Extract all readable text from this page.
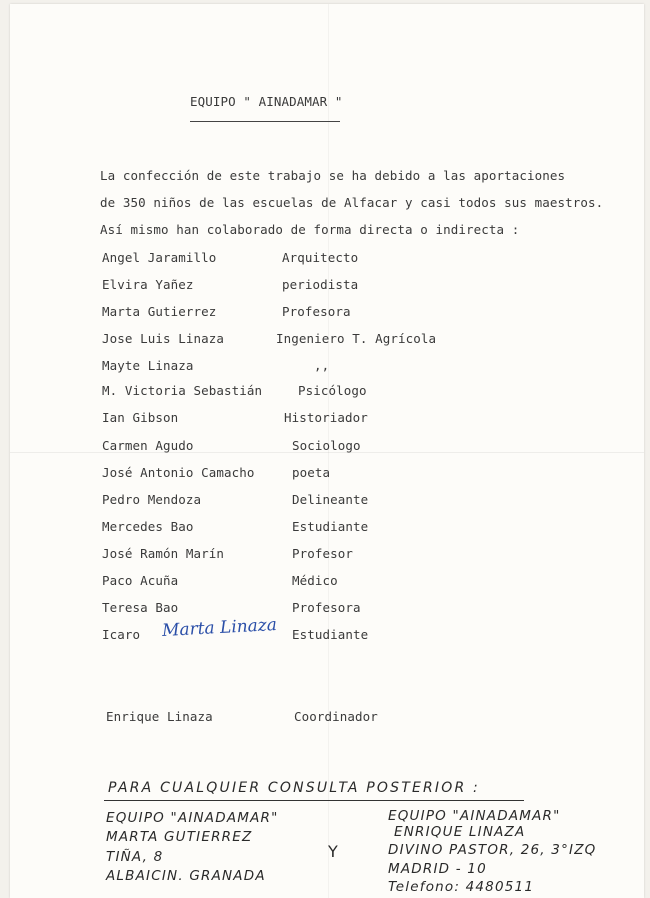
EQUIPO " AINADAMAR "
La confección de este trabajo se ha debido a las aportaciones
de 350 niños de las escuelas de Alfacar y casi todos sus maestros.
Así mismo han colaborado de forma directa o indirecta :
Angel Jaramillo	Arquitecto
Elvira Yañez	periodista
Marta Gutierrez	Profesora
Jose Luis Linaza	Ingeniero T. Agrícola
Mayte Linaza	,,
M. Victoria Sebastián	Psicólogo
Ian Gibson	Historiador
Carmen Agudo	Sociologo
José Antonio Camacho	poeta
Pedro Mendoza	Delineante
Mercedes Bao	Estudiante
José Ramón Marín	Profesor
Paco Acuña	Médico
Teresa Bao	Profesora
Icaro	Estudiante
Marta Linaza
Enrique Linaza	Coordinador
PARA CUALQUIER CONSULTA POSTERIOR :
EQUIPO "AINADAMAR"
MARTA GUTIERREZ
TIÑA, 8
ALBAICIN. GRANADA
Y
EQUIPO "AINADAMAR"
ENRIQUE LINAZA
DIVINO PASTOR, 26, 3°IZQ
MADRID - 10
Telefono: 4480511
